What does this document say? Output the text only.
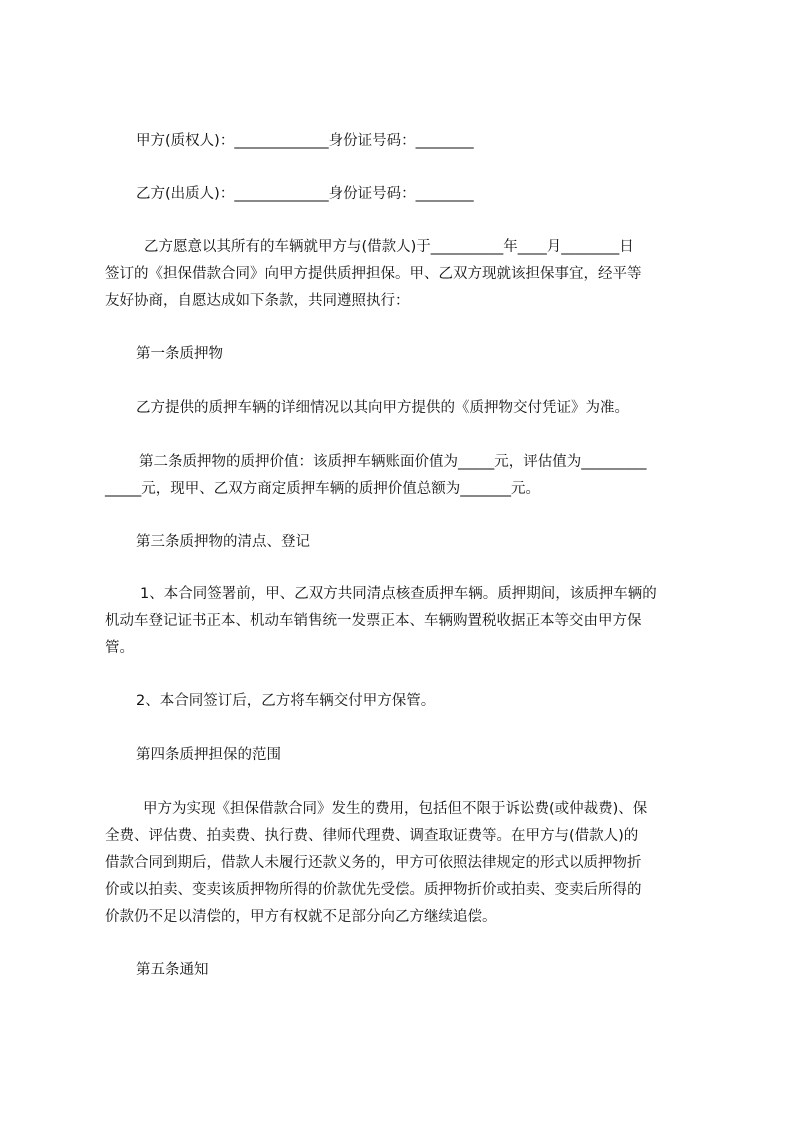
甲方(质权人)：_____________身份证号码：________
乙方(出质人)：_____________身份证号码：________
乙方愿意以其所有的车辆就甲方与(借款人)于__________年____月________日
签订的《担保借款合同》向甲方提供质押担保。甲、乙双方现就该担保事宜，经平等
友好协商，自愿达成如下条款，共同遵照执行：
第一条质押物
乙方提供的质押车辆的详细情况以其向甲方提供的《质押物交付凭证》为准。
第二条质押物的质押价值：该质押车辆账面价值为_____元，评估值为_________
_____元，现甲、乙双方商定质押车辆的质押价值总额为_______元。
第三条质押物的清点、登记
1、本合同签署前，甲、乙双方共同清点核查质押车辆。质押期间，该质押车辆的
机动车登记证书正本、机动车销售统一发票正本、车辆购置税收据正本等交由甲方保
管。
2、本合同签订后，乙方将车辆交付甲方保管。
第四条质押担保的范围
甲方为实现《担保借款合同》发生的费用，包括但不限于诉讼费(或仲裁费)、保
全费、评估费、拍卖费、执行费、律师代理费、调查取证费等。在甲方与(借款人)的
借款合同到期后，借款人未履行还款义务的，甲方可依照法律规定的形式以质押物折
价或以拍卖、变卖该质押物所得的价款优先受偿。质押物折价或拍卖、变卖后所得的
价款仍不足以清偿的，甲方有权就不足部分向乙方继续追偿。
第五条通知
